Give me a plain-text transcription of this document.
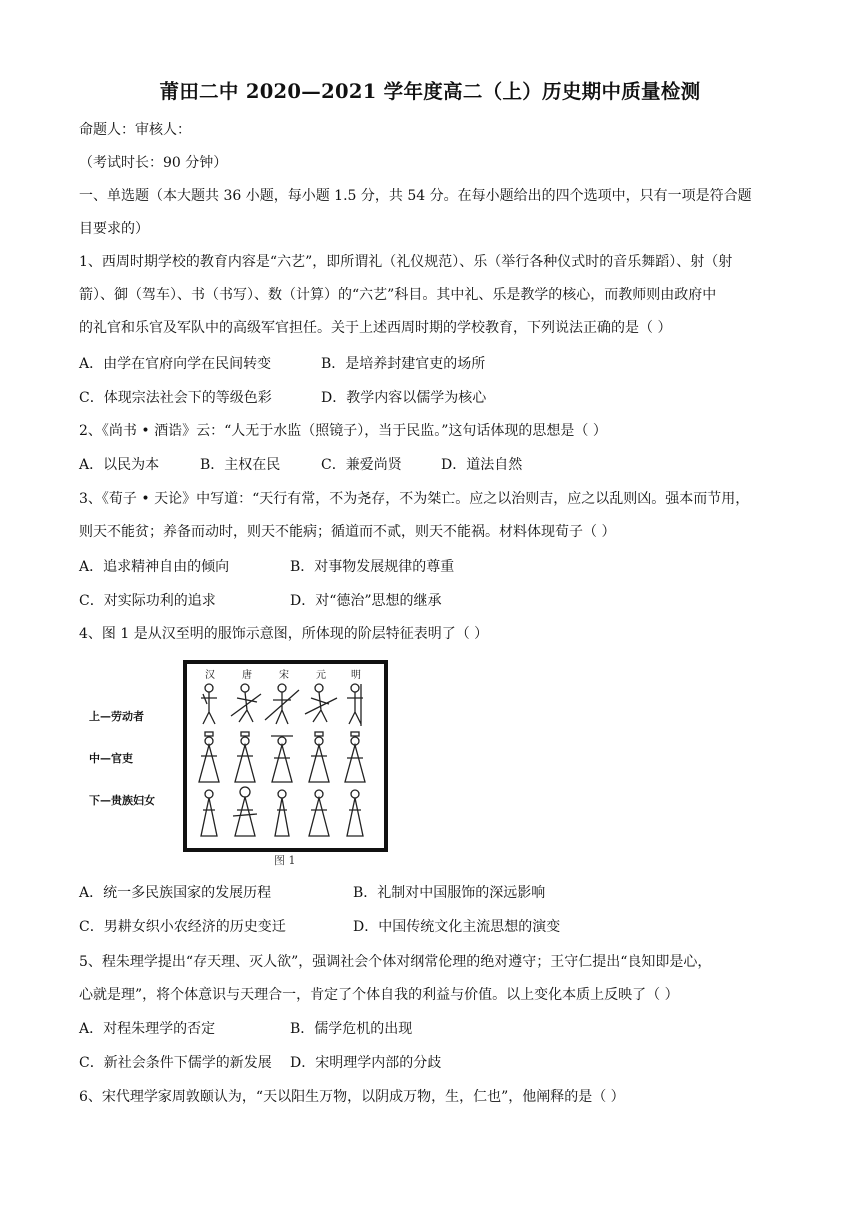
莆田二中 2020—2021 学年度高二（上）历史期中质量检测
命题人：审核人：
（考试时长：90 分钟）
一、单选题（本大题共 36 小题，每小题 1.5 分，共 54 分。在每小题给出的四个选项中，只有一项是符合题
目要求的）
1、西周时期学校的教育内容是“六艺”，即所谓礼（礼仪规范）、乐（举行各种仪式时的音乐舞蹈）、射（射
箭）、御（驾车）、书（书写）、数（计算）的“六艺”科目。其中礼、乐是教学的核心，而教师则由政府中
的礼官和乐官及军队中的高级军官担任。关于上述西周时期的学校教育，下列说法正确的是（ ）
A．由学在官府向学在民间转变	B．是培养封建官吏的场所
C．体现宗法社会下的等级色彩	D．教学内容以儒学为核心
2、《尚书 • 酒诰》云：“人无于水监（照镜子），当于民监。”这句话体现的思想是（ ）
A．以民为本	B．主权在民	C．兼爱尚贤	D．道法自然
3、《荀子 • 天论》中写道：“天行有常，不为尧存，不为桀亡。应之以治则吉，应之以乱则凶。强本而节用，
则天不能贫；养备而动时，则天不能病；循道而不贰，则天不能祸。材料体现荀子（ ）
A．追求精神自由的倾向	B．对事物发展规律的尊重
C．对实际功利的追求	D．对“德治”思想的继承
4、图 1 是从汉至明的服饰示意图，所体现的阶层特征表明了（ ）
上—劳动者
中—官吏
下—贵族妇女
汉	唐	宋	元	明
图 1
A．统一多民族国家的发展历程	B．礼制对中国服饰的深远影响
C．男耕女织小农经济的历史变迁	D．中国传统文化主流思想的演变
5、程朱理学提出“存天理、灭人欲”，强调社会个体对纲常伦理的绝对遵守；王守仁提出“良知即是心，
心就是理”，将个体意识与天理合一，肯定了个体自我的利益与价值。以上变化本质上反映了（ ）
A．对程朱理学的否定	B．儒学危机的出现
C．新社会条件下儒学的新发展 D．宋明理学内部的分歧
6、宋代理学家周敦颐认为，“天以阳生万物，以阴成万物，生，仁也”，他阐释的是（ ）
